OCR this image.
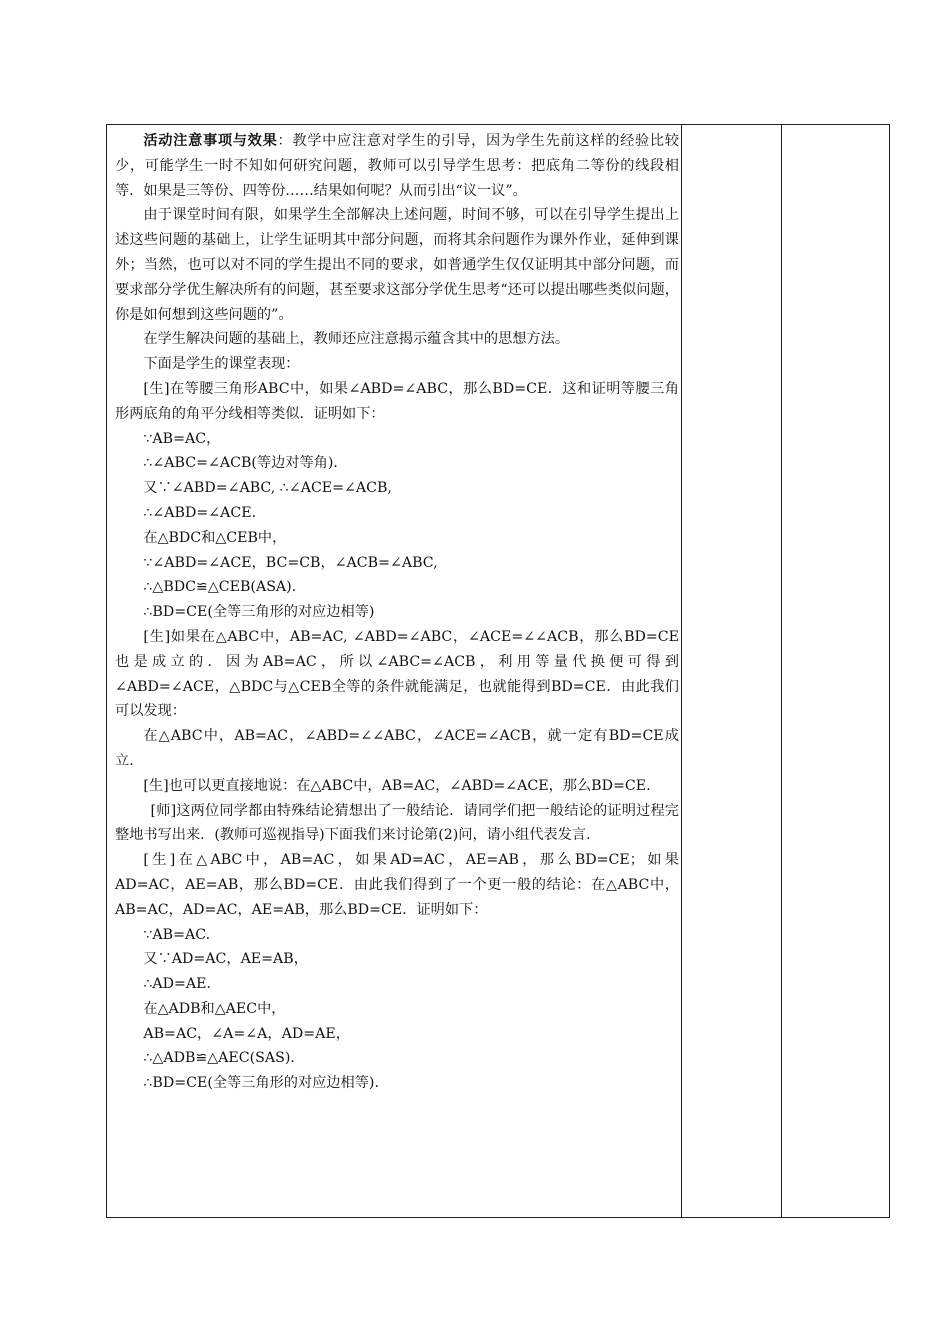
活动注意事项与效果：教学中应注意对学生的引导，因为学生先前这样的经验比较少，可能学生一时不知如何研究问题，教师可以引导学生思考：把底角二等份的线段相等．如果是三等份、四等份……结果如何呢？从而引出“议一议”。

由于课堂时间有限，如果学生全部解决上述问题，时间不够，可以在引导学生提出上述这些问题的基础上，让学生证明其中部分问题，而将其余问题作为课外作业，延伸到课外；当然，也可以对不同的学生提出不同的要求，如普通学生仅仅证明其中部分问题，而要求部分学优生解决所有的问题，甚至要求这部分学优生思考“还可以提出哪些类似问题，你是如何想到这些问题的”。

在学生解决问题的基础上，教师还应注意揭示蕴含其中的思想方法。

下面是学生的课堂表现：

[生]在等腰三角形ABC中，如果∠ABD=∠ABC，那么BD=CE．这和证明等腰三角形两底角的角平分线相等类似．证明如下：

∵AB=AC，

∴∠ABC=∠ACB(等边对等角)．

又∵∠ABD=∠ABC, ∴∠ACE=∠ACB,

∴∠ABD=∠ACE.

在△BDC和△CEB中，

∵∠ABD=∠ACE，BC=CB，∠ACB=∠ABC,

∴△BDC≌△CEB(ASA)．

∴BD=CE(全等三角形的对应边相等)

[生]如果在△ABC中，AB=AC, ∠ABD=∠ABC，∠ACE=∠∠ACB，那么BD=CE也是成立的．因为AB=AC，所以∠ABC=∠ACB，利用等量代换便可得到∠ABD=∠ACE，△BDC与△CEB全等的条件就能满足，也就能得到BD=CE．由此我们可以发现：

在△ABC中，AB=AC，∠ABD=∠∠ABC，∠ACE=∠ACB，就一定有BD=CE成立.

[生]也可以更直接地说：在△ABC中，AB=AC，∠ABD=∠ACE，那么BD=CE.

[师]这两位同学都由特殊结论猜想出了一般结论．请同学们把一般结论的证明过程完整地书写出来．(教师可巡视指导)下面我们来讨论第(2)问，请小组代表发言.

[生]在△ABC中，AB=AC，如果AD=AC，AE=AB，那么BD=CE；如果AD=AC，AE=AB，那么BD=CE．由此我们得到了一个更一般的结论：在△ABC中，AB=AC，AD=AC，AE=AB，那么BD=CE．证明如下：

∵AB=AC.

又∵AD=AC，AE=AB，

∴AD=AE.

在△ADB和△AEC中，

AB=AC，∠A=∠A，AD=AE，

∴△ADB≌△AEC(SAS)．

∴BD=CE(全等三角形的对应边相等).
